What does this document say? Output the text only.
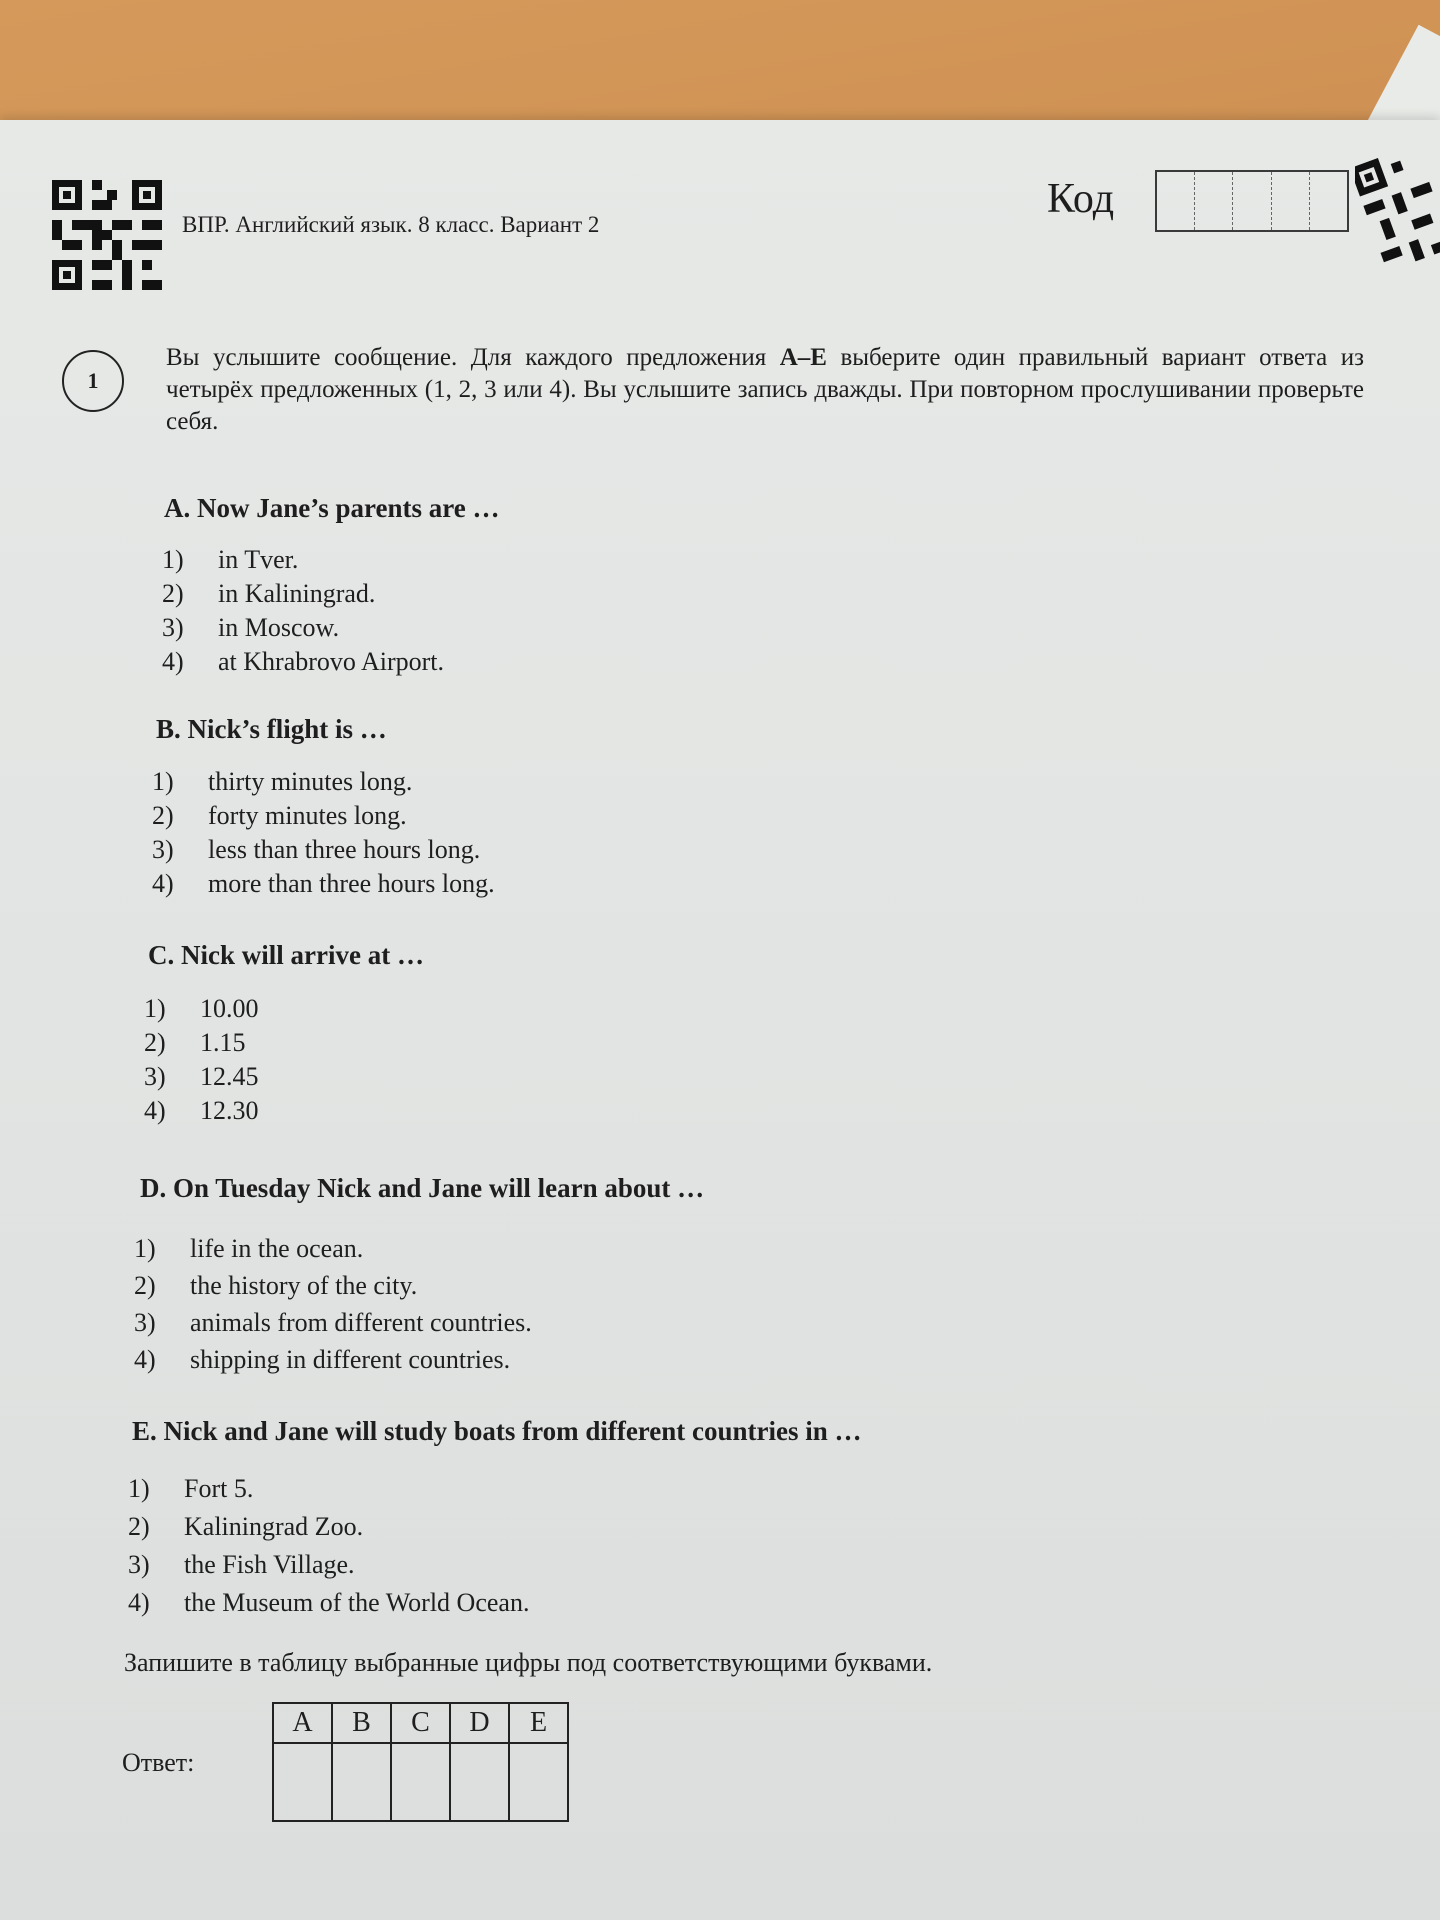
ВПР. Английский язык. 8 класс. Вариант 2
Код
1
Вы услышите сообщение. Для каждого предложения A–E выберите один правильный вариант ответа из четырёх предложенных (1, 2, 3 или 4). Вы услышите запись дважды. При повторном прослушивании проверьте себя.
A. Now Jane’s parents are …
1)	in Tver.
2)	in Kaliningrad.
3)	in Moscow.
4)	at Khrabrovo Airport.
B. Nick’s flight is …
1)	thirty minutes long.
2)	forty minutes long.
3)	less than three hours long.
4)	more than three hours long.
C. Nick will arrive at …
1)	10.00
2)	1.15
3)	12.45
4)	12.30
D. On Tuesday Nick and Jane will learn about …
1)	life in the ocean.
2)	the history of the city.
3)	animals from different countries.
4)	shipping in different countries.
E. Nick and Jane will study boats from different countries in …
1)	Fort 5.
2)	Kaliningrad Zoo.
3)	the Fish Village.
4)	the Museum of the World Ocean.
Запишите в таблицу выбранные цифры под соответствующими буквами.
Ответ:
A	B	C	D	E
